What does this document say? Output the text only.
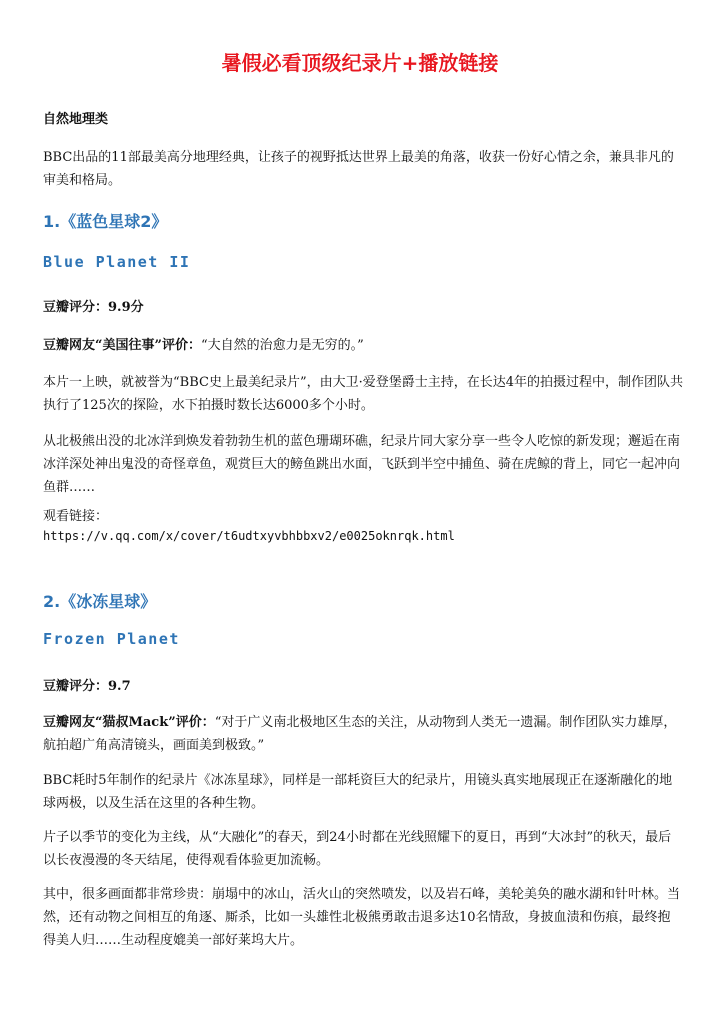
暑假必看顶级纪录片+播放链接
自然地理类
BBC出品的11部最美高分地理经典，让孩子的视野抵达世界上最美的角落，收获一份好心情之余，兼具非凡的审美和格局。
1.《蓝色星球2》
Blue Planet II
豆瓣评分：9.9分
豆瓣网友“美国往事”评价：“大自然的治愈力是无穷的。”
本片一上映，就被誉为“BBC史上最美纪录片”，由大卫·爱登堡爵士主持，在长达4年的拍摄过程中，制作团队共执行了125次的探险，水下拍摄时数长达6000多个小时。
从北极熊出没的北冰洋到焕发着勃勃生机的蓝色珊瑚环礁，纪录片同大家分享一些令人吃惊的新发现；邂逅在南冰洋深处神出鬼没的奇怪章鱼，观赏巨大的鳑鱼跳出水面，飞跃到半空中捕鱼、骑在虎鲸的背上，同它一起冲向鱼群……
观看链接：
https://v.qq.com/x/cover/t6udtxyvbhbbxv2/e0025oknrqk.html
2.《冰冻星球》
Frozen Planet
豆瓣评分：9.7
豆瓣网友“猫叔Mack”评价：“对于广义南北极地区生态的关注，从动物到人类无一遗漏。制作团队实力雄厚，航拍超广角高清镜头，画面美到极致。”
BBC耗时5年制作的纪录片《冰冻星球》，同样是一部耗资巨大的纪录片，用镜头真实地展现正在逐渐融化的地球两极，以及生活在这里的各种生物。
片子以季节的变化为主线，从“大融化”的春天，到24小时都在光线照耀下的夏日，再到“大冰封”的秋天，最后以长夜漫漫的冬天结尾，使得观看体验更加流畅。
其中，很多画面都非常珍贵：崩塌中的冰山，活火山的突然喷发，以及岩石峰，美轮美奂的融水湖和针叶林。当然，还有动物之间相互的角逐、厮杀，比如一头雄性北极熊勇敢击退多达10名情敌，身披血渍和伤痕，最终抱得美人归……生动程度媲美一部好莱坞大片。
